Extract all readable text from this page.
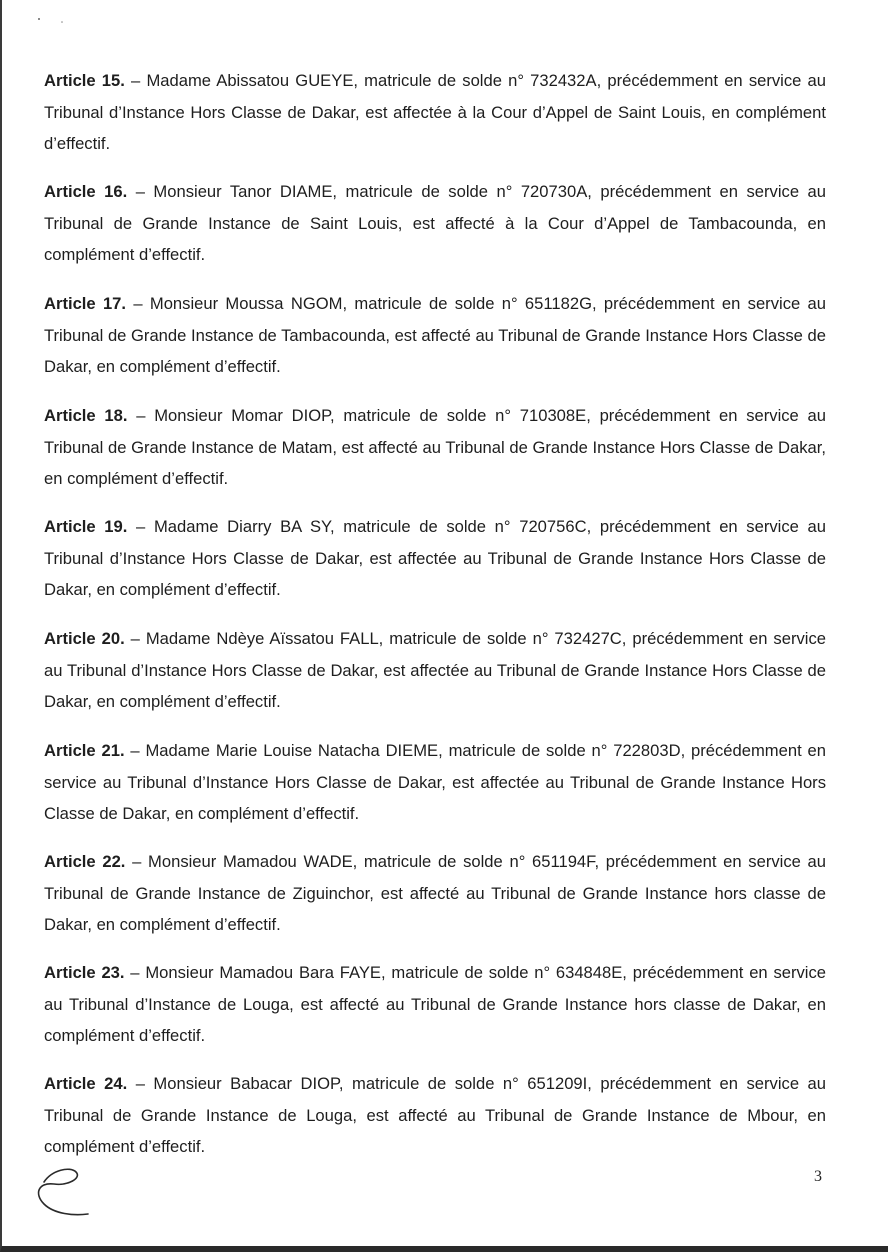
Article 15. – Madame Abissatou GUEYE, matricule de solde n° 732432A, précédemment en service au Tribunal d’Instance Hors Classe de Dakar, est affectée à la Cour d’Appel de Saint Louis, en complément d’effectif.

Article 16. – Monsieur Tanor DIAME, matricule de solde n° 720730A, précédemment en service au Tribunal de Grande Instance de Saint Louis, est affecté à la Cour d’Appel de Tambacounda, en complément d’effectif.

Article 17. – Monsieur Moussa NGOM, matricule de solde n° 651182G, précédemment en service au Tribunal de Grande Instance de Tambacounda, est affecté au Tribunal de Grande Instance Hors Classe de Dakar, en complément d’effectif.

Article 18. – Monsieur Momar DIOP, matricule de solde n° 710308E, précédemment en service au Tribunal de Grande Instance de Matam, est affecté au Tribunal de Grande Instance Hors Classe de Dakar, en complément d’effectif.

Article 19. – Madame Diarry BA SY, matricule de solde n° 720756C, précédemment en service au Tribunal d’Instance Hors Classe de Dakar, est affectée au Tribunal de Grande Instance Hors Classe de Dakar, en complément d’effectif.

Article 20. – Madame Ndèye Aïssatou FALL, matricule de solde n° 732427C, précédemment en service au Tribunal d’Instance Hors Classe de Dakar, est affectée au Tribunal de Grande Instance Hors Classe de Dakar, en complément d’effectif.

Article 21. – Madame Marie Louise Natacha DIEME, matricule de solde n° 722803D, précédemment en service au Tribunal d’Instance Hors Classe de Dakar, est affectée au Tribunal de Grande Instance Hors Classe de Dakar, en complément d’effectif.

Article 22. – Monsieur Mamadou WADE, matricule de solde n° 651194F, précédemment en service au Tribunal de Grande Instance de Ziguinchor, est affecté au Tribunal de Grande Instance hors classe de Dakar, en complément d’effectif.

Article 23. – Monsieur Mamadou Bara FAYE, matricule de solde n° 634848E, précédemment en service au Tribunal d’Instance de Louga, est affecté au Tribunal de Grande Instance hors classe de Dakar, en complément d’effectif.

Article 24. – Monsieur Babacar DIOP, matricule de solde n° 651209I, précédemment en service au Tribunal de Grande Instance de Louga, est affecté au Tribunal de Grande Instance de Mbour, en complément d’effectif.

3
